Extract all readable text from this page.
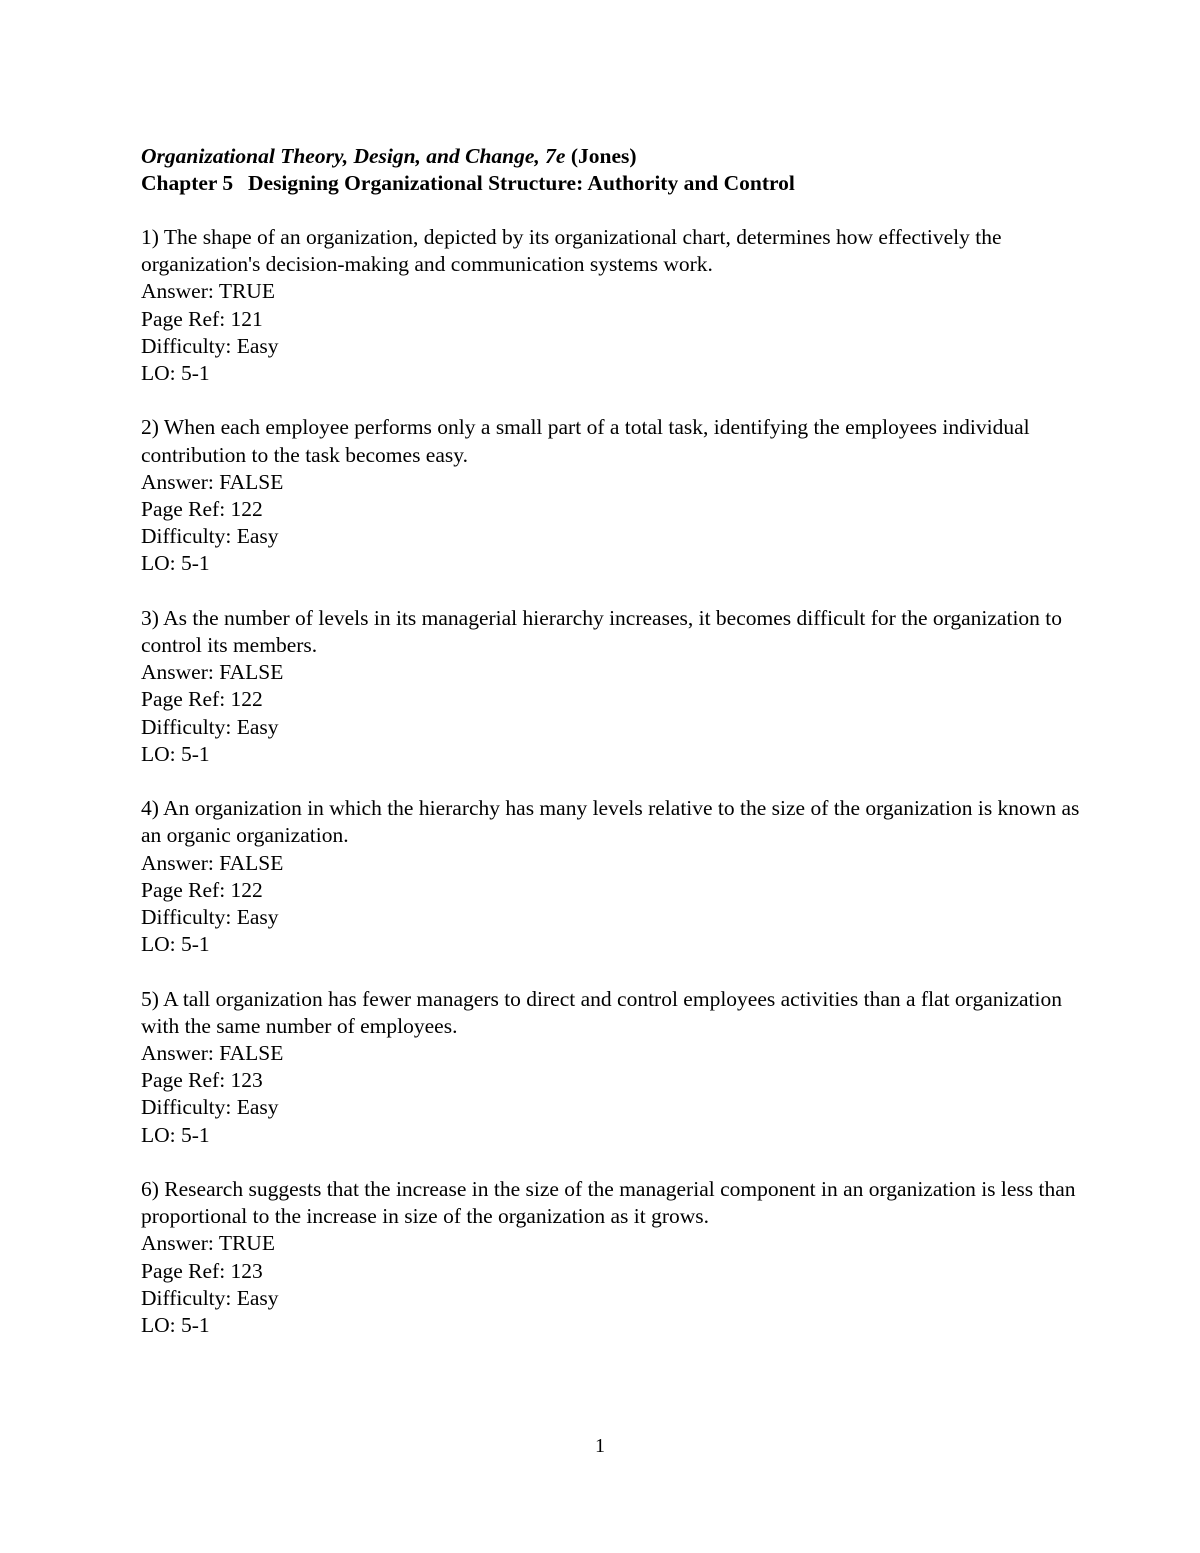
Organizational Theory, Design, and Change, 7e (Jones)
Chapter 5 Designing Organizational Structure: Authority and Control

1) The shape of an organization, depicted by its organizational chart, determines how effectively the organization's decision-making and communication systems work.

Answer: TRUE

Page Ref: 121

Difficulty: Easy

LO: 5-1

2) When each employee performs only a small part of a total task, identifying the employees individual contribution to the task becomes easy.

Answer: FALSE

Page Ref: 122

Difficulty: Easy

LO: 5-1

3) As the number of levels in its managerial hierarchy increases, it becomes difficult for the organization to control its members.

Answer: FALSE

Page Ref: 122

Difficulty: Easy

LO: 5-1

4) An organization in which the hierarchy has many levels relative to the size of the organization is known as an organic organization.

Answer: FALSE

Page Ref: 122

Difficulty: Easy

LO: 5-1

5) A tall organization has fewer managers to direct and control employees activities than a flat organization with the same number of employees.

Answer: FALSE

Page Ref: 123

Difficulty: Easy

LO: 5-1

6) Research suggests that the increase in the size of the managerial component in an organization is less than proportional to the increase in size of the organization as it grows.

Answer: TRUE

Page Ref: 123

Difficulty: Easy

LO: 5-1

1
